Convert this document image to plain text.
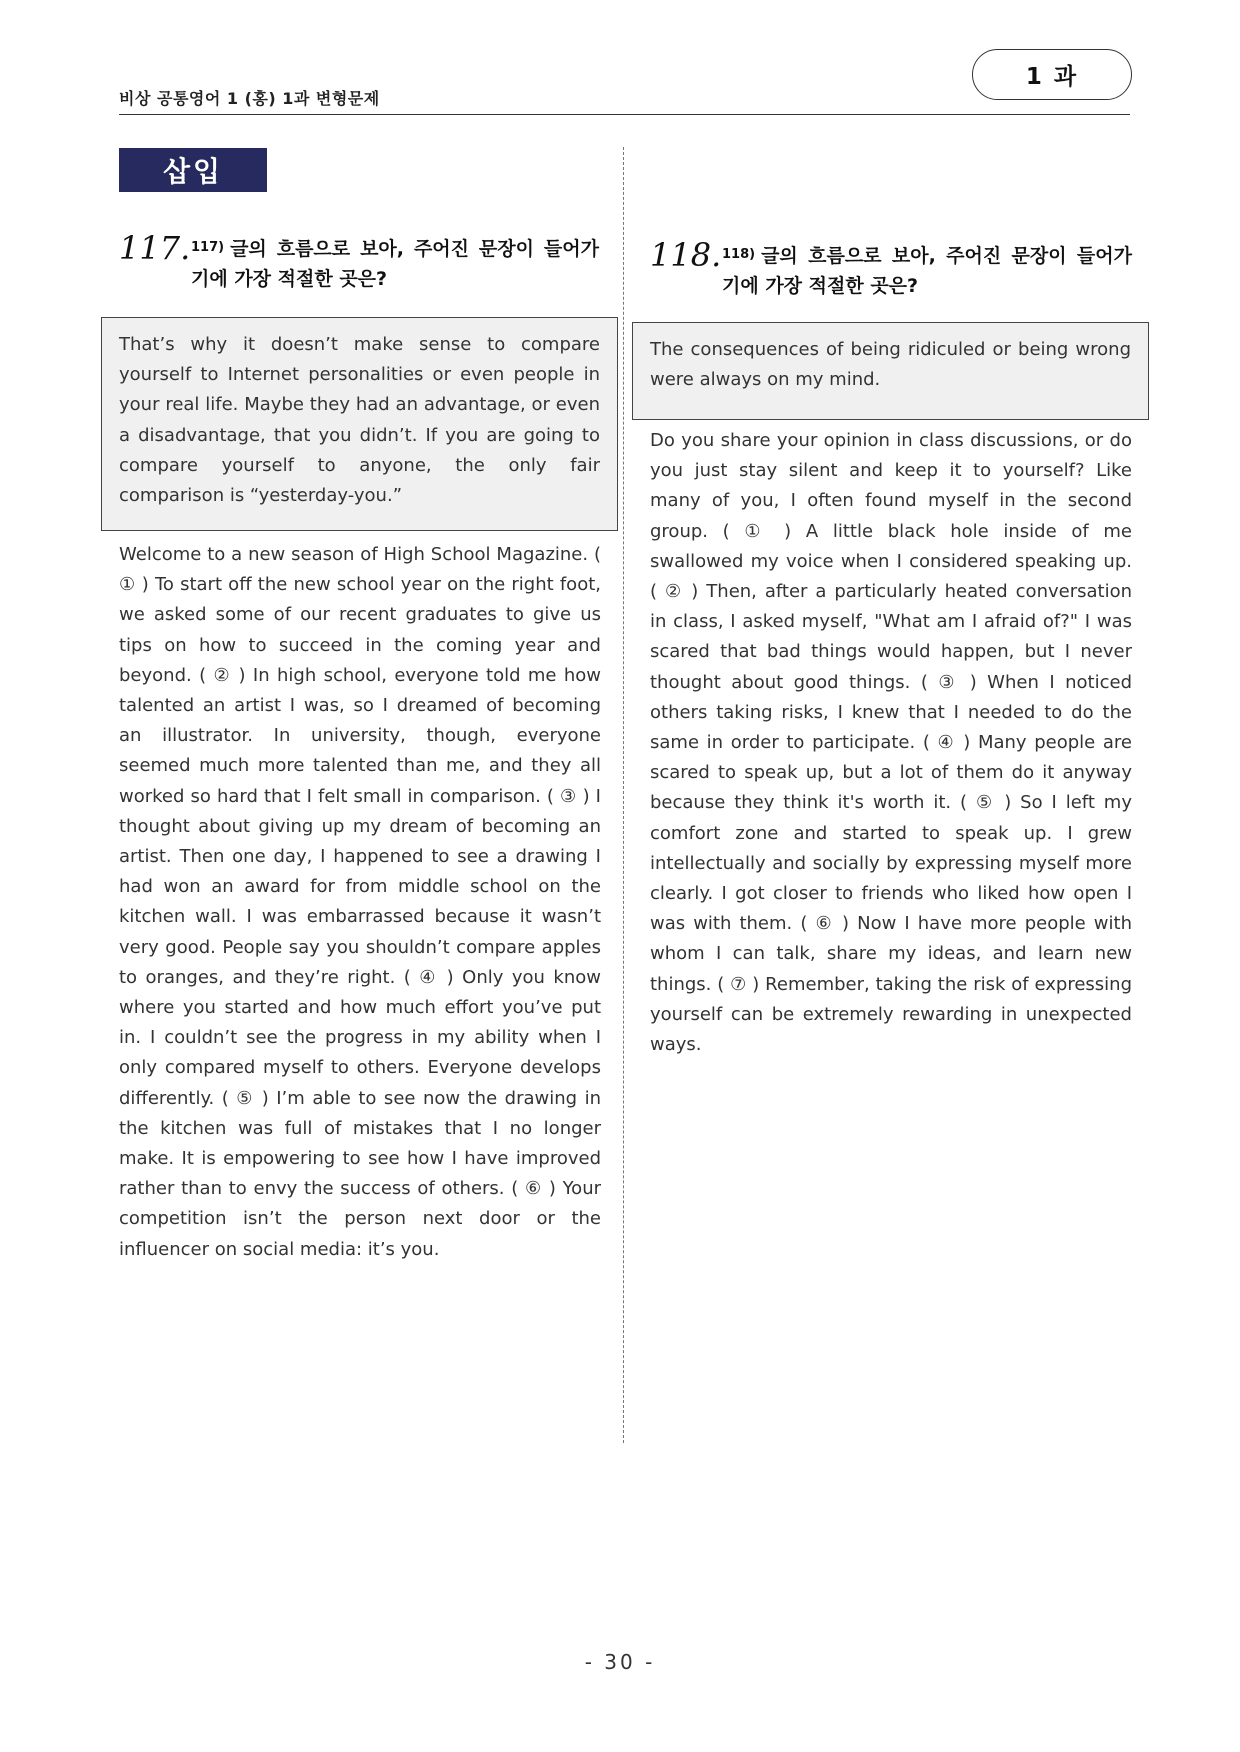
비상 공통영어 1 (홍) 1과 변형문제
1 과
삽입
117. $^{117)}$ 글의 흐름으로 보아, 주어진 문장이 들어가
기에 가장 적절한 곳은?
That’s why it doesn’t make sense to compare yourself to Internet personalities or even people in your real life. Maybe they had an advantage, or even a disadvantage, that you didn’t. If you are going to compare yourself to anyone, the only fair comparison is “yesterday-you.”
Welcome to a new season of High School Magazine. ( ① ) To start off the new school year on the right foot, we asked some of our recent graduates to give us tips on how to succeed in the coming year and beyond. ( ② ) In high school, everyone told me how talented an artist I was, so I dreamed of becoming an illustrator. In university, though, everyone seemed much more talented than me, and they all worked so hard that I felt small in comparison. ( ③ ) I thought about giving up my dream of becoming an artist. Then one day, I happened to see a drawing I had won an award for from middle school on the kitchen wall. I was embarrassed because it wasn’t very good. People say you shouldn’t compare apples to oranges, and they’re right. ( ④ ) Only you know where you started and how much effort you’ve put in. I couldn’t see the progress in my ability when I only compared myself to others. Everyone develops differently. ( ⑤ ) I’m able to see now the drawing in the kitchen was full of mistakes that I no longer make. It is empowering to see how I have improved rather than to envy the success of others. ( ⑥ ) Your competition isn’t the person next door or the influencer on social media: it’s you.
118. $^{118)}$ 글의 흐름으로 보아, 주어진 문장이 들어가
기에 가장 적절한 곳은?
The consequences of being ridiculed or being wrong were always on my mind.
Do you share your opinion in class discussions, or do you just stay silent and keep it to yourself? Like many of you, I often found myself in the second group. ( ① ) A little black hole inside of me swallowed my voice when I considered speaking up. ( ② ) Then, after a particularly heated conversation in class, I asked myself, "What am I afraid of?" I was scared that bad things would happen, but I never thought about good things. ( ③ ) When I noticed others taking risks, I knew that I needed to do the same in order to participate. ( ④ ) Many people are scared to speak up, but a lot of them do it anyway because they think it's worth it. ( ⑤ ) So I left my comfort zone and started to speak up. I grew intellectually and socially by expressing myself more clearly. I got closer to friends who liked how open I was with them. ( ⑥ ) Now I have more people with whom I can talk, share my ideas, and learn new things. ( ⑦ ) Remember, taking the risk of expressing yourself can be extremely rewarding in unexpected ways.
- 30 -
